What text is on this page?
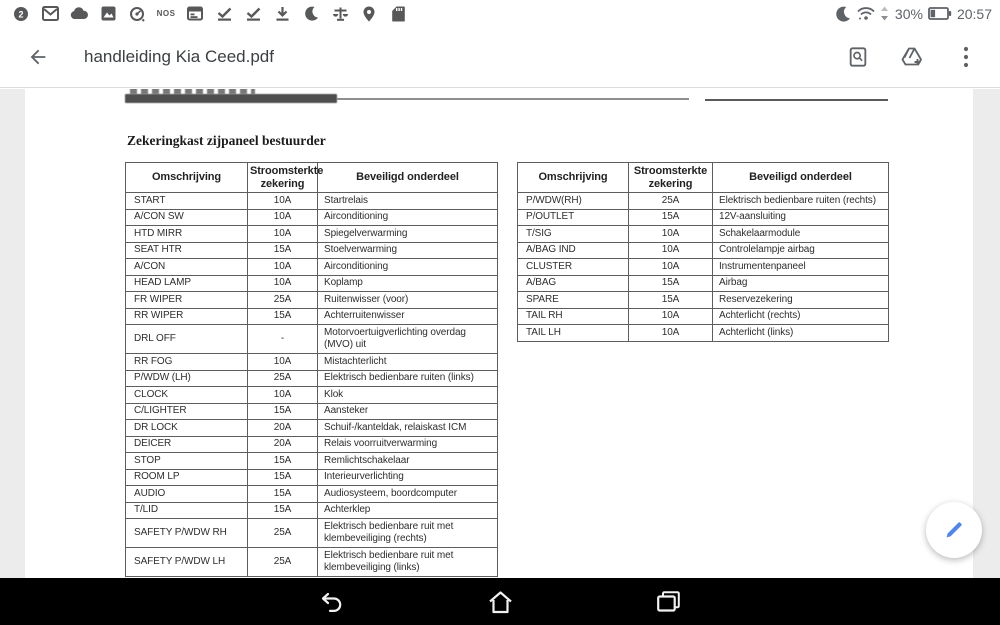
2	NOS	30% 20:57
handleiding Kia Ceed.pdf
Zekeringkast zijpaneel bestuurder
Omschrijving	Stroomsterkte zekering	Beveiligd onderdeel
START	10A	Startrelais
A/CON SW	10A	Airconditioning
HTD MIRR	10A	Spiegelverwarming
SEAT HTR	15A	Stoelverwarming
A/CON	10A	Airconditioning
HEAD LAMP	10A	Koplamp
FR WIPER	25A	Ruitenwisser (voor)
RR WIPER	15A	Achterruitenwisser
DRL OFF	-	Motorvoertuigverlichting overdag (MVO) uit
RR FOG	10A	Mistachterlicht
P/WDW (LH)	25A	Elektrisch bedienbare ruiten (links)
CLOCK	10A	Klok
C/LIGHTER	15A	Aansteker
DR LOCK	20A	Schuif-/kanteldak, relaiskast ICM
DEICER	20A	Relais voorruitverwarming
STOP	15A	Remlichtschakelaar
ROOM LP	15A	Interieurverlichting
AUDIO	15A	Audiosysteem, boordcomputer
T/LID	15A	Achterklep
SAFETY P/WDW RH	25A	Elektrisch bedienbare ruit met klembeveiliging (rechts)
SAFETY P/WDW LH	25A	Elektrisch bedienbare ruit met klembeveiliging (links)
Omschrijving	Stroomsterkte zekering	Beveiligd onderdeel
P/WDW(RH)	25A	Elektrisch bedienbare ruiten (rechts)
P/OUTLET	15A	12V-aansluiting
T/SIG	10A	Schakelaarmodule
A/BAG IND	10A	Controlelampje airbag
CLUSTER	10A	Instrumentenpaneel
A/BAG	15A	Airbag
SPARE	15A	Reservezekering
TAIL RH	10A	Achterlicht (rechts)
TAIL LH	10A	Achterlicht (links)
